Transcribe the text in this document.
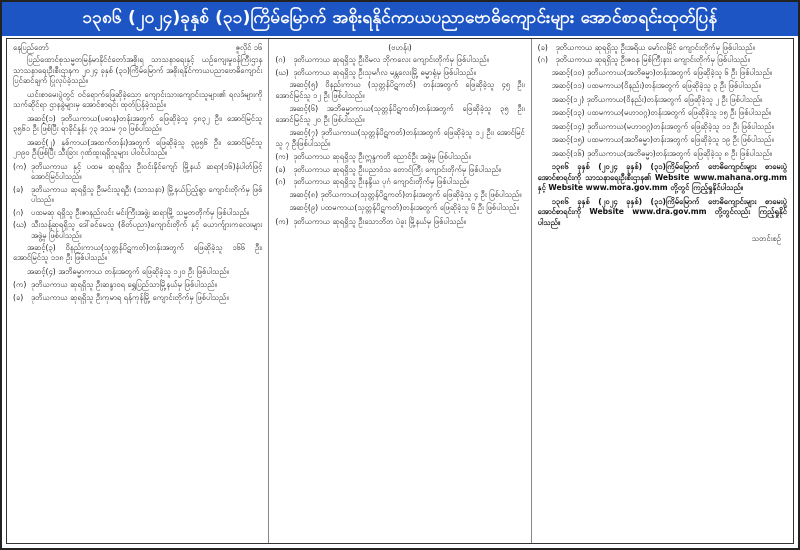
၁၃၈၆ (၂၀၂၄)ခုနှစ် (၃၁)ကြိမ်မြောက် အစိုးရနိုင်ကာယပညာဗောဓိကျောင်းများ အောင်စာရင်းထုတ်ပြန်
နေပြည်တော်	ဇူလိုင် ၁၆

ပြည်ထောင်စုသမ္မတမြန်မာနိုင်ငံတော်အစိုးရ သာသနာရေးနှင့် ယဉ်ကျေးမှုဝန်ကြီးဌာန သာသနာရေးဦးစီးဌာနက ၂၀၂၄ ခုနှစ် (၃၁)ကြိမ်မြောက် အစိုးရနိုင်ကာယပညာဗောဓိကျောင်း ပြင်ဆင်ချက် ပြုလုပ်ခဲ့သည်။

ယင်းစာမေးပွဲတွင် ဝင်ရောက်ဖြေဆိုခဲ့သော ကျောင်းသားကျောင်းသူများ၏ ရလဒ်များကို သက်ဆိုင်ရာ ဌာနခွဲများမှ အောင်စာရင်း ထုတ်ပြန်ခဲ့သည်။

အဆင့်(၁) ဒုတိယကာယ(ပဓာန)တန်းအတွက် ဖြေဆိုခဲ့သူ ၄၈၃၂ ဦး၊ အောင်မြင်သူ ၃၅၆၁ ဦး ဖြစ်ပြီး ရာခိုင်နှုန်း ၇၃ ဒသမ ၇၀ ဖြစ်ပါသည်။

အဆင့်(၂) နှစ်ကာယ(အထက်တန်း)အတွက် ဖြေဆိုခဲ့သူ ၃၉၅၆ ဦး၊ အောင်မြင်သူ ၂၁၉၀ ဦးဖြစ်ပြီး သီးခြား ဂုဏ်ထူးရရှိသူများ ပါဝင်ပါသည်။

(က) ဒုတိယကာယ နှင့် ပထမ ဆုရရှိသူ ဦးဝင်းနိုင်ကျော် မြို့နယ် ဆရာ(၁၆)နံပါတ်ဖြင့် အောင်မြင်ပါသည်။
(ခ)	ဒုတိယကာယ ဆုရရှိသူ ဦးမင်းသူရဦး (သာသနာ) မြို့နယ်ပြည့်ရွာ ကျောင်းတိုက်မှ ဖြစ်ပါသည်။
(ဂ)	ပထမဆု ရရှိသူ ဦးဇာနည်လင်း မင်းကြီးအဖွဲ့၊ ဆရာမြို့ သမ္မတတိုက်မှ ဖြစ်ပါသည်။
(ဃ) သီးသန့်ဆုရရှိသူ ဒေါ်ခင်မေသူ (စိတ်ပညာ)ကျောင်းတိုက် နှင့် ယောက်ျားကလေးများ အဖွဲ့မှ ဖြစ်ပါသည်။

အဆင့်(၃) ဝိနည်းကာယ(သုတ္တန်ပိဋကတ်)တန်းအတွက် ဖြေဆိုခဲ့သူ ၁၆၆ ဦး၊ အောင်မြင်သူ ၁၁၈ ဦး ဖြစ်ပါသည်။

အဆင့်(၄) အဘိဓမ္မာကာယ တန်းအတွက် ဖြေဆိုခဲ့သူ ၁၂၀ ဦး ဖြစ်ပါသည်။

(က) ဒုတိယကာယ ဆုရရှိသူ ဦးဆန္ဒာဝရ ရွှေပြည်သာမြို့နယ်မှ ဖြစ်ပါသည်။
(ခ)	ဒုတိယကာယ ဆုရရှိသူ ဦးကုမာရ ရန်ကုန်မြို့ ကျောင်းတိုက်မှ ဖြစ်ပါသည်။
(ဗဟန်း)
(ဂ)	ဒုတိယကာယ ဆုရရှိသူ ဦးဝိမလ ဘိုကလေး ကျောင်းတိုက်မှ ဖြစ်ပါသည်။
(ဃ) ဒုတိယကာယ ဆုရရှိသူ ဦးသုမင်္ဂလ မန္တလေးမြို့ ဓမ္မာရုံမှ ဖြစ်ပါသည်။

အဆင့်(၅) ဝိနည်းကာယ (သုတ္တန်ပိဋကတ်) တန်းအတွက် ဖြေဆိုခဲ့သူ ၄၅ ဦး၊ အောင်မြင်သူ ၁၂ ဦး ဖြစ်ပါသည်။

အဆင့်(၆) အဘိဓမ္မာကာယ(သုတ္တန်ပိဋကတ်)တန်းအတွက် ဖြေဆိုခဲ့သူ ၃၅ ဦး၊ အောင်မြင်သူ ၂၀ ဦး ဖြစ်ပါသည်။

အဆင့်(၇) ဒုတိယကာယ(သုတ္တန်ပိဋကတ်)တန်းအတွက် ဖြေဆိုခဲ့သူ ၁၂ ဦး၊ အောင်မြင်သူ ၇ ဦးဖြစ်ပါသည်။

(က) ဒုတိယကာယ ဆုရရှိသူ ဦးဣန္ဒကတိ ညောင်ဦး အဖွဲ့မှ ဖြစ်ပါသည်။
(ခ)	ဒုတိယကာယ ဆုရရှိသူ ဦးပညာဝံသ တောင်ကြီး ကျောင်းတိုက်မှ ဖြစ်ပါသည်။
(ဂ)	ဒုတိယကာယ ဆုရရှိသူ ဦးနန္ဒိယ ပုဂံ ကျောင်းတိုက်မှ ဖြစ်ပါသည်။

အဆင့်(၈) ဒုတိယကာယ(သုတ္တန်ပိဋကတ်)တန်းအတွက် ဖြေဆိုခဲ့သူ ၄ ဦး ဖြစ်ပါသည်။

အဆင့်(၉) ပထမကာယ(သုတ္တန်ပိဋကတ်)တန်းအတွက် ဖြေဆိုခဲ့သူ ၆ ဦး ဖြစ်ပါသည်။

(က) ဒုတိယကာယ ဆုရရှိသူ ဦးသောဘိတ ပဲခူး မြို့နယ်မှ ဖြစ်ပါသည်။
(ခ)	ဒုတိယကာယ ဆုရရှိသူ ဦးအရိယ မော်လမြိုင် ကျောင်းတိုက်မှ ဖြစ်ပါသည်။
(ဂ)	ဒုတိယကာယ ဆုရရှိသူ ဦးဇဝန မြစ်ကြီးနား ကျောင်းတိုက်မှ ဖြစ်ပါသည်။

အဆင့်(၁၀) ဒုတိယကာယ(အဘိဓမ္မာ)တန်းအတွက် ဖြေဆိုခဲ့သူ ၆ ဦး ဖြစ်ပါသည်။

အဆင့်(၁၁) ပထမကာယ(ဝိနည်း)တန်းအတွက် ဖြေဆိုခဲ့သူ ၃ ဦး ဖြစ်ပါသည်။

အဆင့်(၁၂) ဒုတိယကာယ(ဝိနည်း)တန်းအတွက် ဖြေဆိုခဲ့သူ ၂ ဦး ဖြစ်ပါသည်။

အဆင့်(၁၃) ပထမကာယ(မဟာဝဂ္ဂ)တန်းအတွက် ဖြေဆိုခဲ့သူ ၁၅ ဦး ဖြစ်ပါသည်။

အဆင့်(၁၄) ဒုတိယကာယ(မဟာဝဂ္ဂ)တန်းအတွက် ဖြေဆိုခဲ့သူ ၁၁ ဦး ဖြစ်ပါသည်။

အဆင့်(၁၅) ပထမကာယ(အဘိဓမ္မာ)တန်းအတွက် ဖြေဆိုခဲ့သူ ၁၉ ဦး ဖြစ်ပါသည်။

အဆင့်(၁၆) ဒုတိယကာယ(အဘိဓမ္မာ)တန်းအတွက် ဖြေဆိုခဲ့သူ ၈ ဦး ဖြစ်ပါသည်။

၁၃၈၆ ခုနှစ် (၂၀၂၄ ခုနှစ်) (၃၁)ကြိမ်မြောက် ဗောဓိကျောင်းများ စာမေးပွဲ အောင်စာရင်းကို သာသနာရေးဦးစီးဌာန၏ Website www.mahana.org.mm နှင့် Website www.mora.gov.mm တို့တွင် ကြည့်ရှုနိုင်ပါသည်။

၁၃၈၆ ခုနှစ် (၂၀၂၄ ခုနှစ်) (၃၁)ကြိမ်မြောက် ဗောဓိကျောင်းများ စာမေးပွဲ အောင်စာရင်းကို Website www.dra.gov.mm တို့တွင်လည်း ကြည့်ရှုနိုင်ပါသည်။

သတင်းစဉ်
